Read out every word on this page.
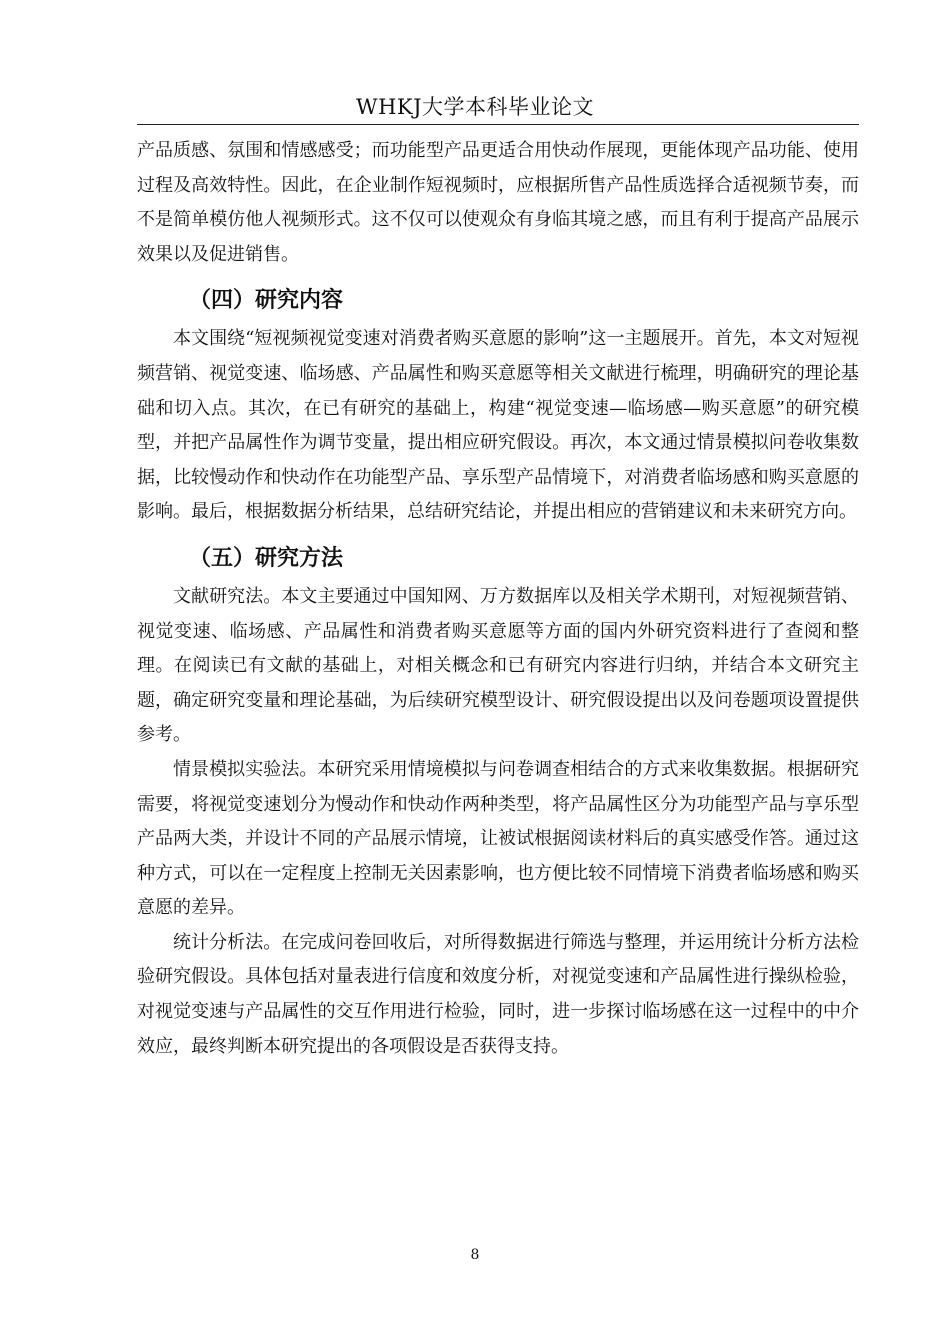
WHKJ大学本科毕业论文

产品质感、氛围和情感感受；而功能型产品更适合用快动作展现，更能体现产品功能、使用过程及高效特性。因此，在企业制作短视频时，应根据所售产品性质选择合适视频节奏，而不是简单模仿他人视频形式。这不仅可以使观众有身临其境之感，而且有利于提高产品展示效果以及促进销售。

（四）研究内容

本文围绕“短视频视觉变速对消费者购买意愿的影响”这一主题展开。首先，本文对短视频营销、视觉变速、临场感、产品属性和购买意愿等相关文献进行梳理，明确研究的理论基础和切入点。其次，在已有研究的基础上，构建“视觉变速—临场感—购买意愿”的研究模型，并把产品属性作为调节变量，提出相应研究假设。再次，本文通过情景模拟问卷收集数据，比较慢动作和快动作在功能型产品、享乐型产品情境下，对消费者临场感和购买意愿的影响。最后，根据数据分析结果，总结研究结论，并提出相应的营销建议和未来研究方向。

（五）研究方法

文献研究法。本文主要通过中国知网、万方数据库以及相关学术期刊，对短视频营销、视觉变速、临场感、产品属性和消费者购买意愿等方面的国内外研究资料进行了查阅和整理。在阅读已有文献的基础上，对相关概念和已有研究内容进行归纳，并结合本文研究主题，确定研究变量和理论基础，为后续研究模型设计、研究假设提出以及问卷题项设置提供参考。

情景模拟实验法。本研究采用情境模拟与问卷调查相结合的方式来收集数据。根据研究需要，将视觉变速划分为慢动作和快动作两种类型，将产品属性区分为功能型产品与享乐型产品两大类，并设计不同的产品展示情境，让被试根据阅读材料后的真实感受作答。通过这种方式，可以在一定程度上控制无关因素影响，也方便比较不同情境下消费者临场感和购买意愿的差异。

统计分析法。在完成问卷回收后，对所得数据进行筛选与整理，并运用统计分析方法检验研究假设。具体包括对量表进行信度和效度分析，对视觉变速和产品属性进行操纵检验，对视觉变速与产品属性的交互作用进行检验，同时，进一步探讨临场感在这一过程中的中介效应，最终判断本研究提出的各项假设是否获得支持。

8
